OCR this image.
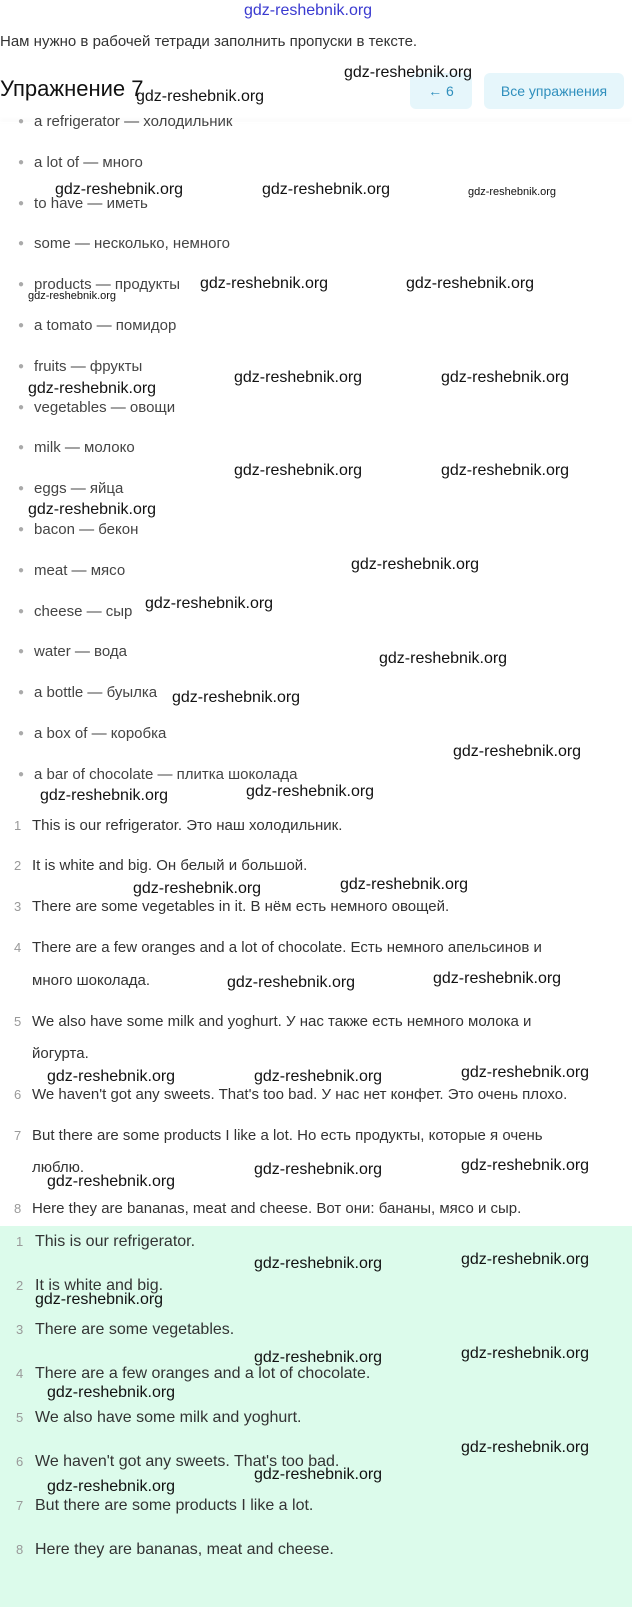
gdz-reshebnik.org
Нам нужно в рабочей тетради заполнить пропуски в тексте.
Упражнение 7	← 6	Все упражнения
● a refrigerator — холодильник
● a lot of — много
● to have — иметь
● some — несколько, немного
● products — продукты
● a tomato — помидор
● fruits — фрукты
● vegetables — овощи
● milk — молоко
● eggs — яйца
● bacon — бекон
● meat — мясо
● cheese — сыр
● water — вода
● a bottle — буылка
● a box of — коробка
● a bar of chocolate — плитка шоколада
1 This is our refrigerator. Это наш холодильник.
2 It is white and big. Он белый и большой.
3 There are some vegetables in it. В нём есть немного овощей.
4 There are a few oranges and a lot of chocolate. Есть немного апельсинов и
много шоколада.
5 We also have some milk and yoghurt. У нас также есть немного молока и
йогурта.
6 We haven't got any sweets. That's too bad. У нас нет конфет. Это очень плохо.
7 But there are some products I like a lot. Но есть продукты, которые я очень
люблю.
8 Here they are bananas, meat and cheese. Вот они: бананы, мясо и сыр.
1 This is our refrigerator.
2 It is white and big.
3 There are some vegetables.
4 There are a few oranges and a lot of chocolate.
5 We also have some milk and yoghurt.
6 We haven't got any sweets. That's too bad.
7 But there are some products I like a lot.
8 Here they are bananas, meat and cheese.
gdz-reshebnik.org
gdz-reshebnik.org
gdz-reshebnik.org	gdz-reshebnik.org
gdz-reshebnik.org
gdz-reshebnik.org	gdz-reshebnik.org
gdz-reshebnik.org
gdz-reshebnik.org	gdz-reshebnik.org
gdz-reshebnik.org	gdz-reshebnik.org
gdz-reshebnik.org
gdz-reshebnik.org
gdz-reshebnik.org
gdz-reshebnik.org
gdz-reshebnik.org
gdz-reshebnik.org
gdz-reshebnik.org	gdz-reshebnik.org
gdz-reshebnik.org	gdz-reshebnik.org
gdz-reshebnik.org	gdz-reshebnik.org
gdz-reshebnik.org	gdz-reshebnik.org	gdz-reshebnik.org
gdz-reshebnik.org
gdz-reshebnik.org	gdz-reshebnik.org
gdz-reshebnik.org	gdz-reshebnik.org
gdz-reshebnik.org
gdz-reshebnik.org	gdz-reshebnik.org
gdz-reshebnik.org
gdz-reshebnik.org
gdz-reshebnik.org
gdz-reshebnik.org
gdz-reshebnik.org
